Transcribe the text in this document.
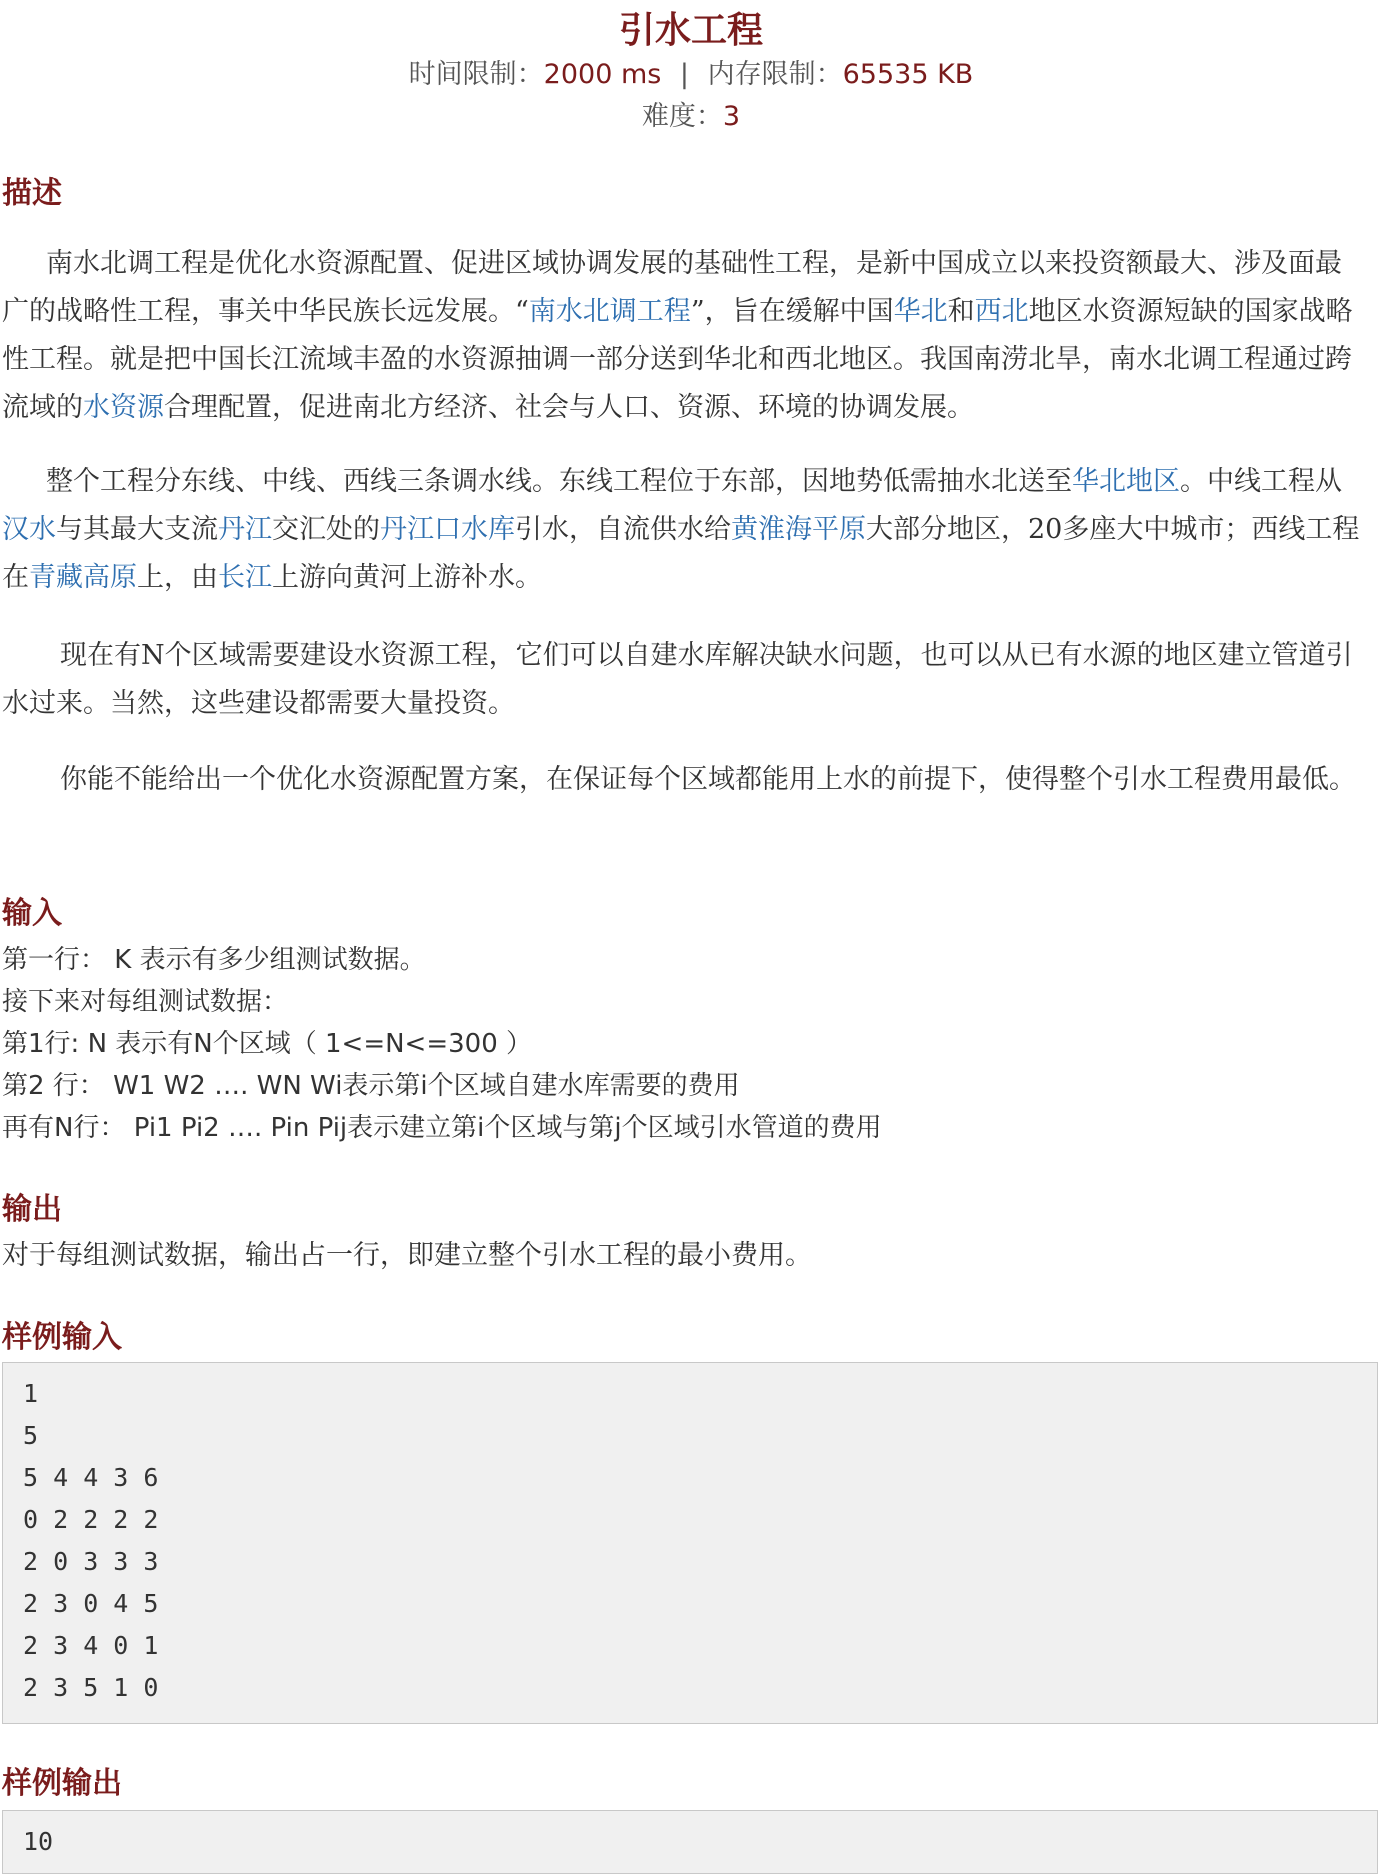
引水工程
时间限制：2000 ms | 内存限制：65535 KB
难度：3
描述

南水北调工程是优化水资源配置、促进区域协调发展的基础性工程，是新中国成立以来投资额最大、涉及面最广的战略性工程，事关中华民族长远发展。“南水北调工程”，旨在缓解中国华北和西北地区水资源短缺的国家战略性工程。就是把中国长江流域丰盈的水资源抽调一部分送到华北和西北地区。我国南涝北旱，南水北调工程通过跨流域的水资源合理配置，促进南北方经济、社会与人口、资源、环境的协调发展。

整个工程分东线、中线、西线三条调水线。东线工程位于东部，因地势低需抽水北送至华北地区。中线工程从汉水与其最大支流丹江交汇处的丹江口水库引水，自流供水给黄淮海平原大部分地区，20多座大中城市；西线工程在青藏高原上，由长江上游向黄河上游补水。

现在有N个区域需要建设水资源工程，它们可以自建水库解决缺水问题，也可以从已有水源的地区建立管道引水过来。当然，这些建设都需要大量投资。

你能不能给出一个优化水资源配置方案，在保证每个区域都能用上水的前提下，使得整个引水工程费用最低。

输入
第一行： K 表示有多少组测试数据。
接下来对每组测试数据：
第1行: N 表示有N个区域（ 1<=N<=300 ）
第2 行： W1 W2 …. WN Wi表示第i个区域自建水库需要的费用
再有N行： Pi1 Pi2 …. Pin Pij表示建立第i个区域与第j个区域引水管道的费用
输出

对于每组测试数据，输出占一行，即建立整个引水工程的最小费用。

样例输入
1
5
5 4 4 3 6
0 2 2 2 2
2 0 3 3 3
2 3 0 4 5
2 3 4 0 1
2 3 5 1 0
样例输出
10
